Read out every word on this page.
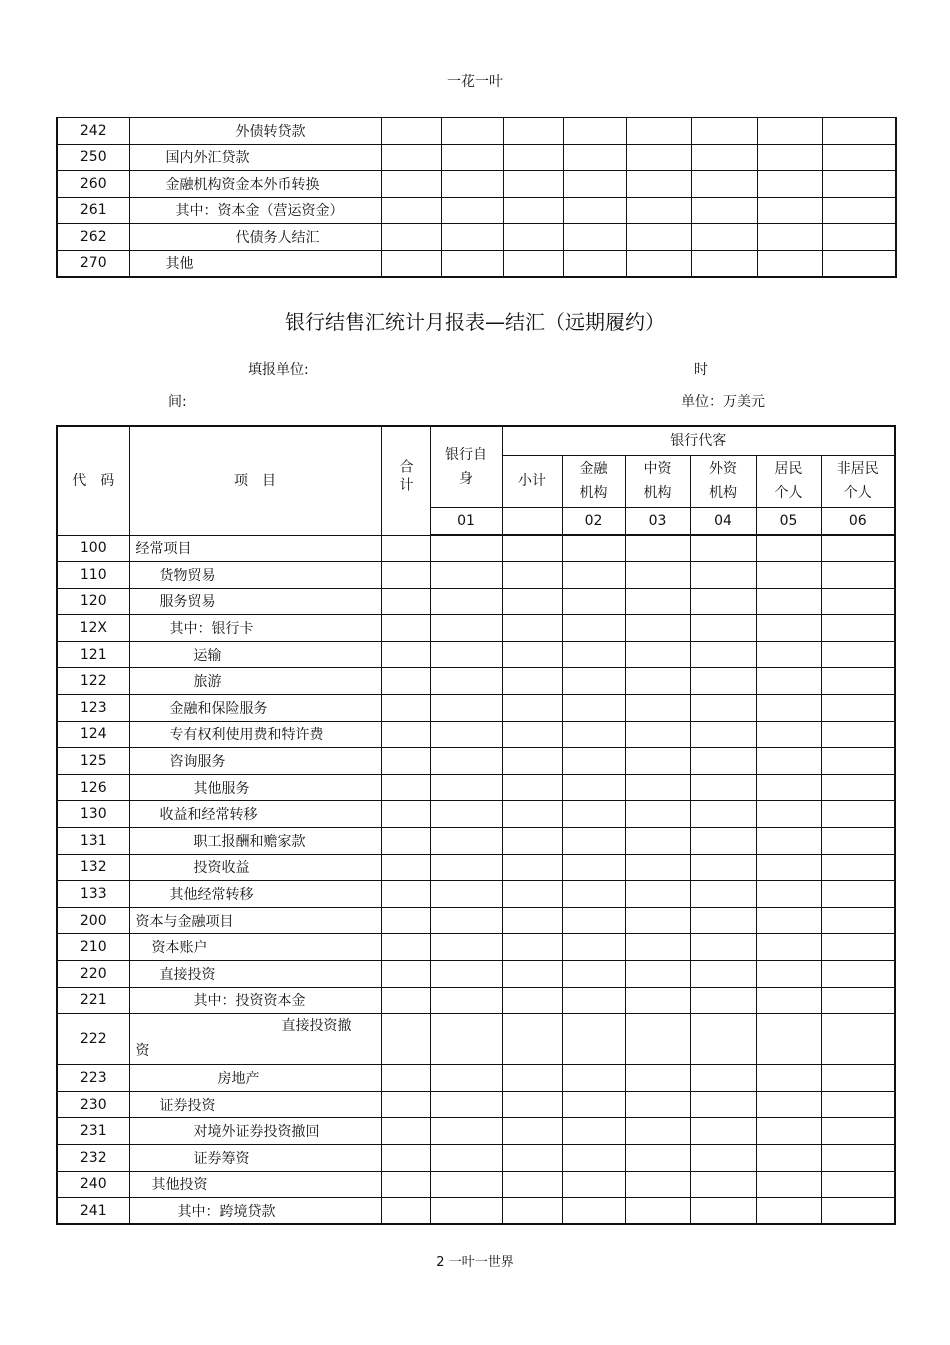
一花一叶
242	外债转贷款								
250	国内外汇贷款								
260	金融机构资金本外币转换								
261	其中：资本金（营运资金）								
262	代债务人结汇								
270	其他								
银行结售汇统计月报表—结汇（远期履约）
填报单位:	时
间:	单位：万美元
代　码	项　目	合计	银行自身	银行代客					
				小计	金融机构	中资机构	外资机构	居民个人	非居民个人
			01		02	03	04	05	06
100	经常项目								
110	货物贸易								
120	服务贸易								
12X	其中：银行卡								
121	运输								
122	旅游								
123	金融和保险服务								
124	专有权利使用费和特许费								
125	咨询服务								
126	其他服务								
130	收益和经常转移								
131	职工报酬和赡家款								
132	投资收益								
133	其他经常转移								
200	资本与金融项目								
210	资本账户								
220	直接投资								
221	其中：投资资本金								
222	直接投资撤资								

223	房地产								
230	证券投资								
231	对境外证券投资撤回								
232	证券筹资								
240	其他投资								
241	其中：跨境贷款								
2 一叶一世界
